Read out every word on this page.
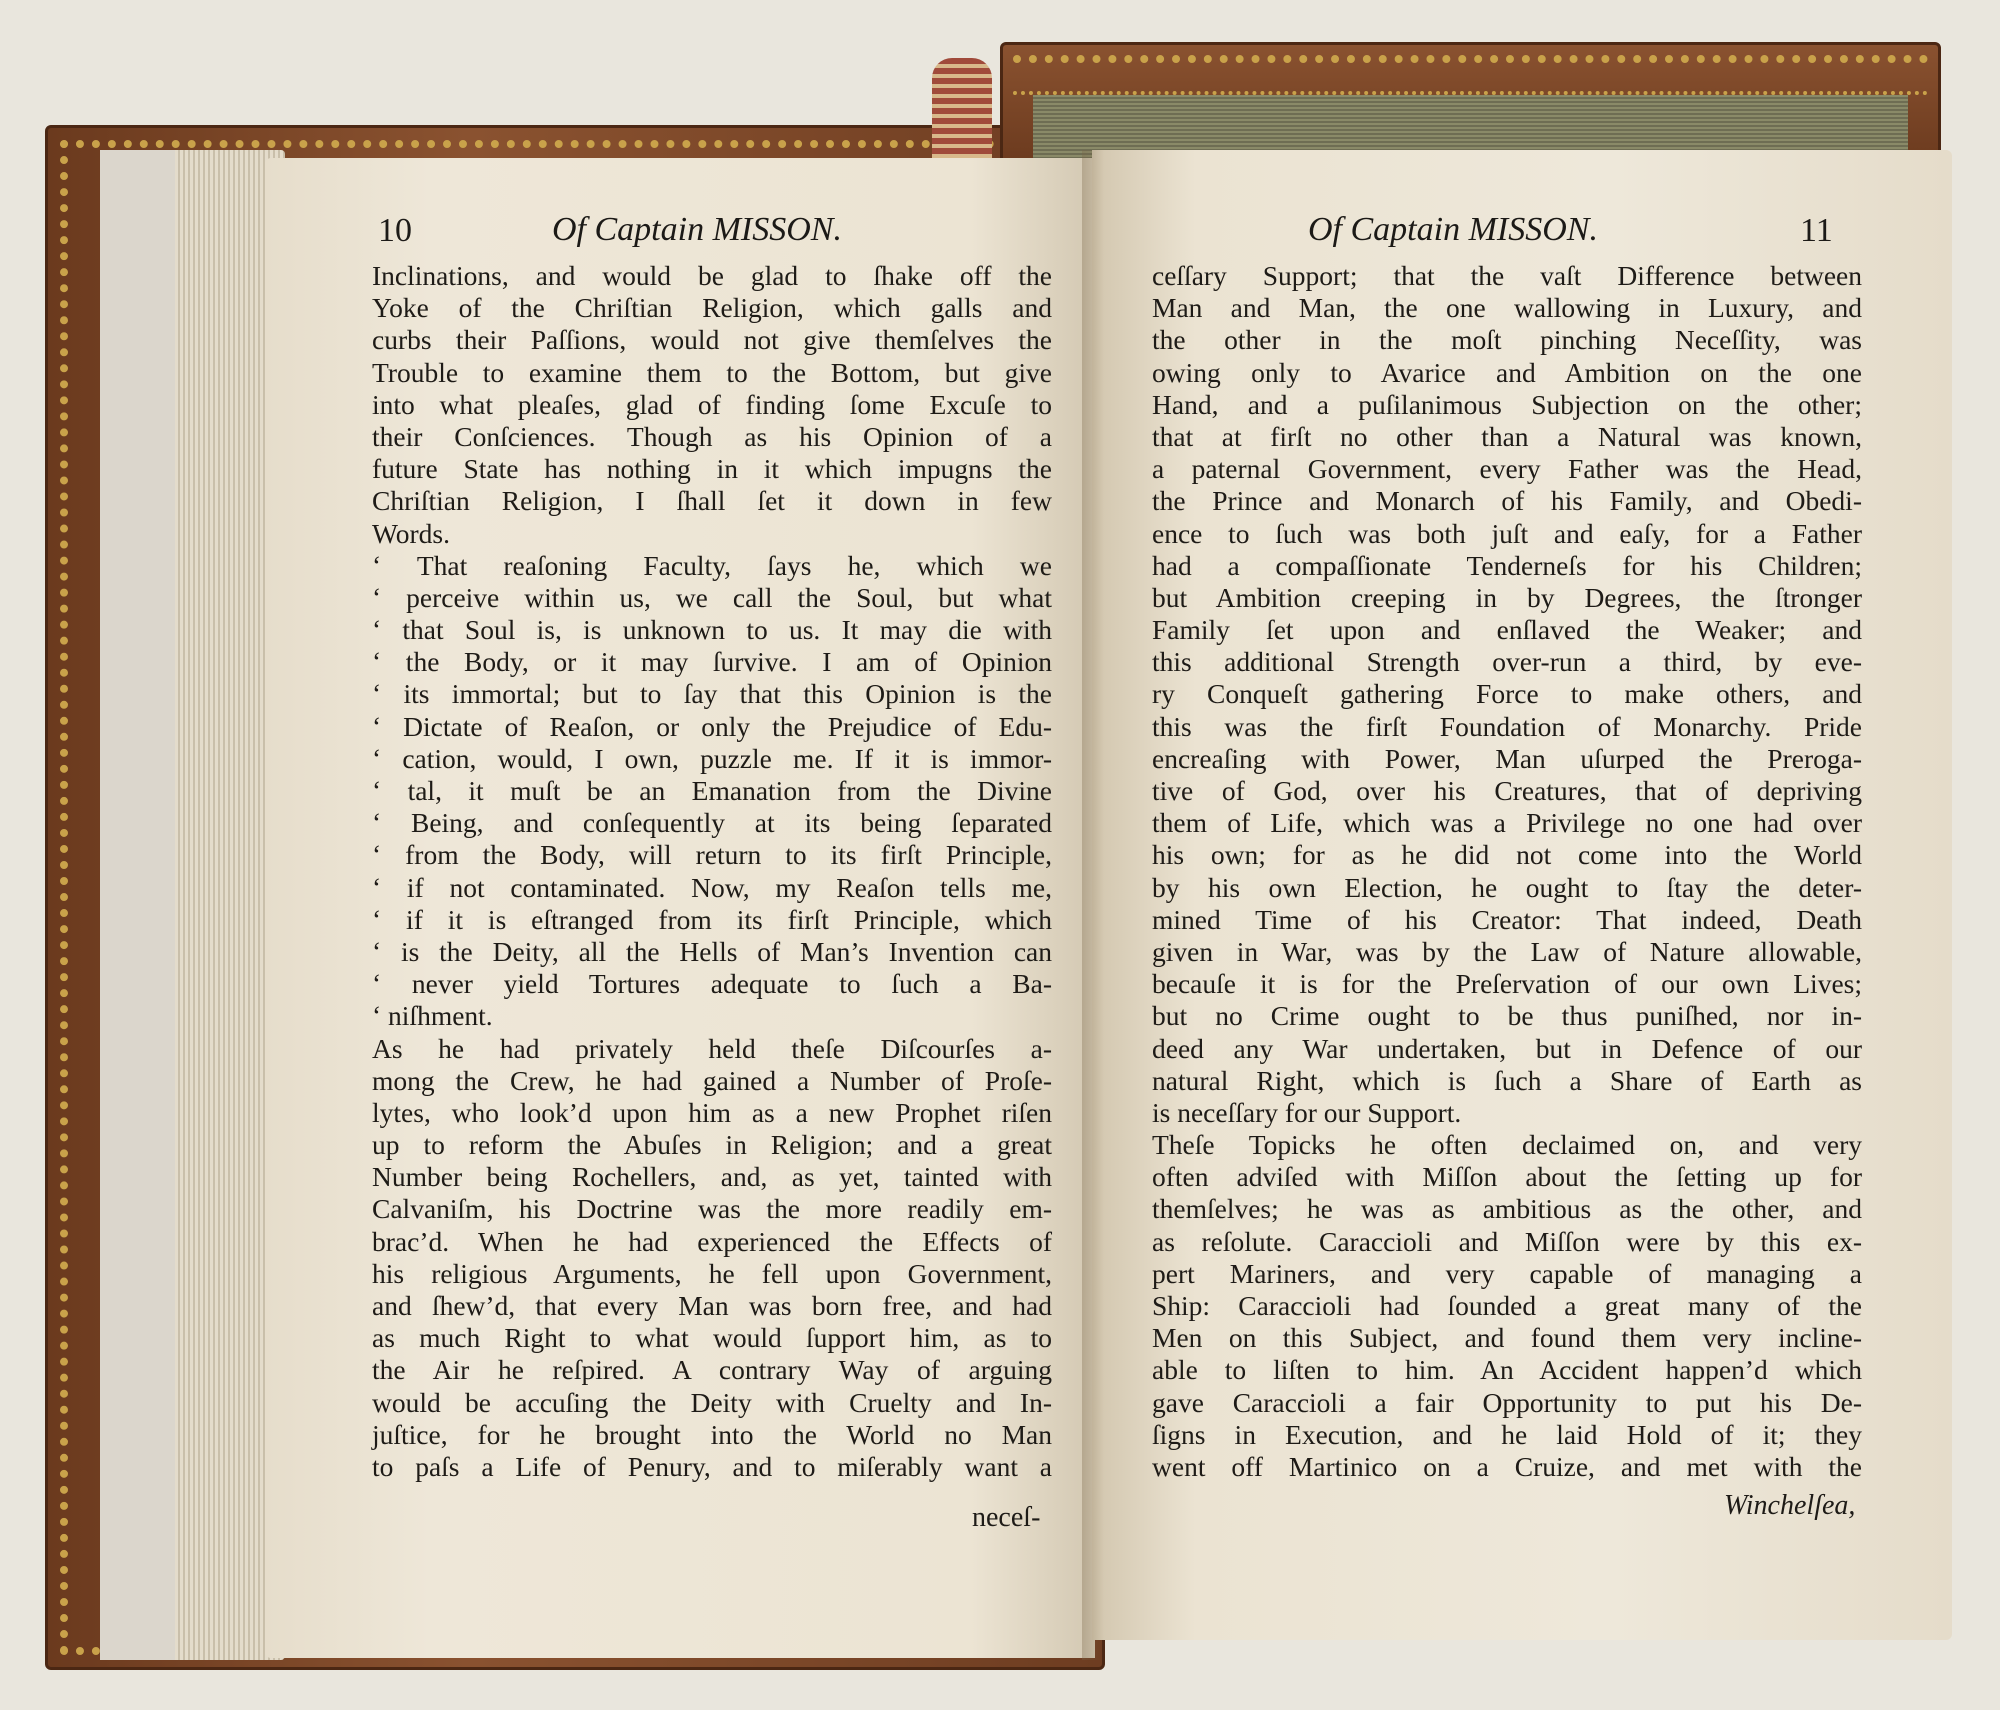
10	Of Captain MISSON.	Of Captain MISSON.	11
Inclinations, and would be glad to ſhake off the
Yoke of the Chriſtian Religion, which galls and
curbs their Paſſions, would not give themſelves the
Trouble to examine them to the Bottom, but give
into what pleaſes, glad of finding ſome Excuſe to
their Conſciences. Though as his Opinion of a
future State has nothing in it which impugns the
Chriſtian Religion, I ſhall ſet it down in few
Words.
‘ That reaſoning Faculty, ſays he, which we
‘ perceive within us, we call the Soul, but what
‘ that Soul is, is unknown to us. It may die with
‘ the Body, or it may ſurvive. I am of Opinion
‘ its immortal; but to ſay that this Opinion is the
‘ Dictate of Reaſon, or only the Prejudice of Edu-
‘ cation, would, I own, puzzle me. If it is immor-
‘ tal, it muſt be an Emanation from the Divine
‘ Being, and conſequently at its being ſeparated
‘ from the Body, will return to its firſt Principle,
‘ if not contaminated. Now, my Reaſon tells me,
‘ if it is eſtranged from its firſt Principle, which
‘ is the Deity, all the Hells of Man’s Invention can
‘ never yield Tortures adequate to ſuch a Ba-
‘ niſhment.
As he had privately held theſe Diſcourſes a-
mong the Crew, he had gained a Number of Proſe-
lytes, who look’d upon him as a new Prophet riſen
up to reform the Abuſes in Religion; and a great
Number being Rochellers, and, as yet, tainted with
Calvaniſm, his Doctrine was the more readily em-
brac’d. When he had experienced the Effects of
his religious Arguments, he fell upon Government,
and ſhew’d, that every Man was born free, and had
as much Right to what would ſupport him, as to
the Air he reſpired. A contrary Way of arguing
would be accuſing the Deity with Cruelty and In-
juſtice, for he brought into the World no Man
to paſs a Life of Penury, and to miſerably want a
neceſ-
ceſſary Support; that the vaſt Difference between
Man and Man, the one wallowing in Luxury, and
the other in the moſt pinching Neceſſity, was
owing only to Avarice and Ambition on the one
Hand, and a puſilanimous Subjection on the other;
that at firſt no other than a Natural was known,
a paternal Government, every Father was the Head,
the Prince and Monarch of his Family, and Obedi-
ence to ſuch was both juſt and eaſy, for a Father
had a compaſſionate Tenderneſs for his Children;
but Ambition creeping in by Degrees, the ſtronger
Family ſet upon and enſlaved the Weaker; and
this additional Strength over-run a third, by eve-
ry Conqueſt gathering Force to make others, and
this was the firſt Foundation of Monarchy. Pride
encreaſing with Power, Man uſurped the Preroga-
tive of God, over his Creatures, that of depriving
them of Life, which was a Privilege no one had over
his own; for as he did not come into the World
by his own Election, he ought to ſtay the deter-
mined Time of his Creator: That indeed, Death
given in War, was by the Law of Nature allowable,
becauſe it is for the Preſervation of our own Lives;
but no Crime ought to be thus puniſhed, nor in-
deed any War undertaken, but in Defence of our
natural Right, which is ſuch a Share of Earth as
is neceſſary for our Support.
Theſe Topicks he often declaimed on, and very
often adviſed with Miſſon about the ſetting up for
themſelves; he was as ambitious as the other, and
as reſolute. Caraccioli and Miſſon were by this ex-
pert Mariners, and very capable of managing a
Ship: Caraccioli had ſounded a great many of the
Men on this Subject, and found them very incline-
able to liſten to him. An Accident happen’d which
gave Caraccioli a fair Opportunity to put his De-
ſigns in Execution, and he laid Hold of it; they
went off Martinico on a Cruize, and met with the
Winchelſea,
